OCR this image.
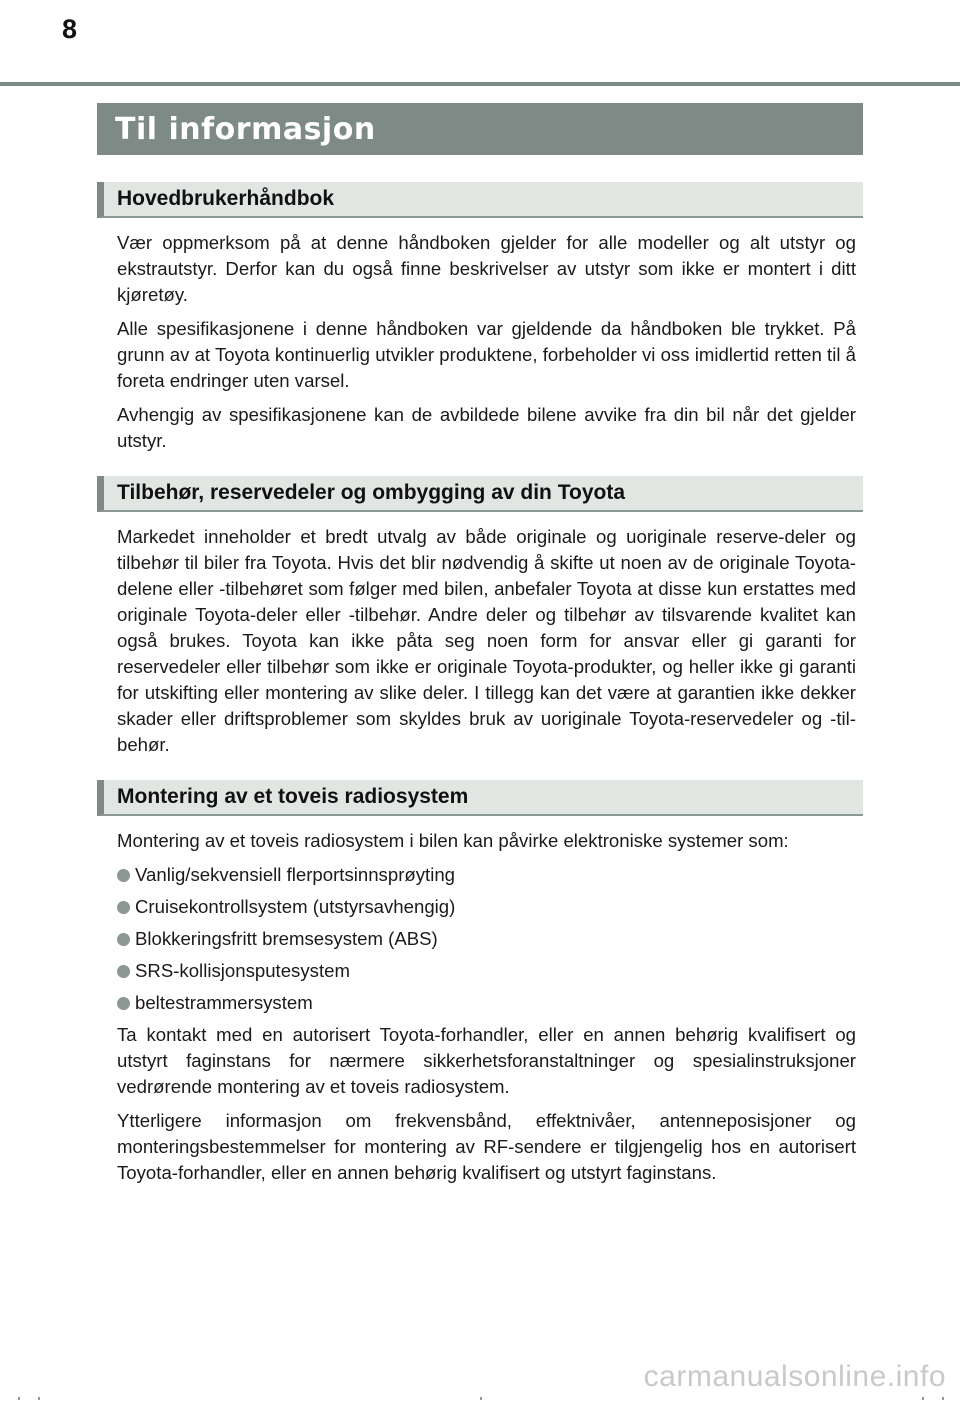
8
Til informasjon
Hovedbrukerhåndbok

Vær oppmerksom på at denne håndboken gjelder for alle modeller og alt utstyr og ekstrautstyr. Derfor kan du også finne beskrivelser av utstyr som ikke er montert i ditt kjøretøy.

Alle spesifikasjonene i denne håndboken var gjeldende da håndboken ble trykket. På grunn av at Toyota kontinuerlig utvikler produktene, forbeholder vi oss imidlertid retten til å foreta endringer uten varsel.

Avhengig av spesifikasjonene kan de avbildede bilene avvike fra din bil når det gjelder utstyr.

Tilbehør, reservedeler og ombygging av din Toyota

Markedet inneholder et bredt utvalg av både originale og uoriginale reserve-deler og tilbehør til biler fra Toyota. Hvis det blir nødvendig å skifte ut noen av de originale Toyota-delene eller -tilbehøret som følger med bilen, anbefaler Toyota at disse kun erstattes med originale Toyota-deler eller -tilbehør. Andre deler og tilbehør av tilsvarende kvalitet kan også brukes. Toyota kan ikke påta seg noen form for ansvar eller gi garanti for reservedeler eller tilbehør som ikke er originale Toyota-produkter, og heller ikke gi garanti for utskifting eller montering av slike deler. I tillegg kan det være at garantien ikke dekker skader eller driftsproblemer som skyldes bruk av uoriginale Toyota-reservedeler og -til-behør.

Montering av et toveis radiosystem

Montering av et toveis radiosystem i bilen kan påvirke elektroniske systemer som:

Vanlig/sekvensiell flerportsinnsprøyting
Cruisekontrollsystem (utstyrsavhengig)
Blokkeringsfritt bremsesystem (ABS)
SRS-kollisjonsputesystem
beltestrammersystem

Ta kontakt med en autorisert Toyota-forhandler, eller en annen behørig kvalifisert og utstyrt faginstans for nærmere sikkerhetsforanstaltninger og spesialinstruksjoner vedrørende montering av et toveis radiosystem.

Ytterligere informasjon om frekvensbånd, effektnivåer, antenneposisjoner og monteringsbestemmelser for montering av RF-sendere er tilgjengelig hos en autorisert Toyota-forhandler, eller en annen behørig kvalifisert og utstyrt faginstans.

carmanualsonline.info
